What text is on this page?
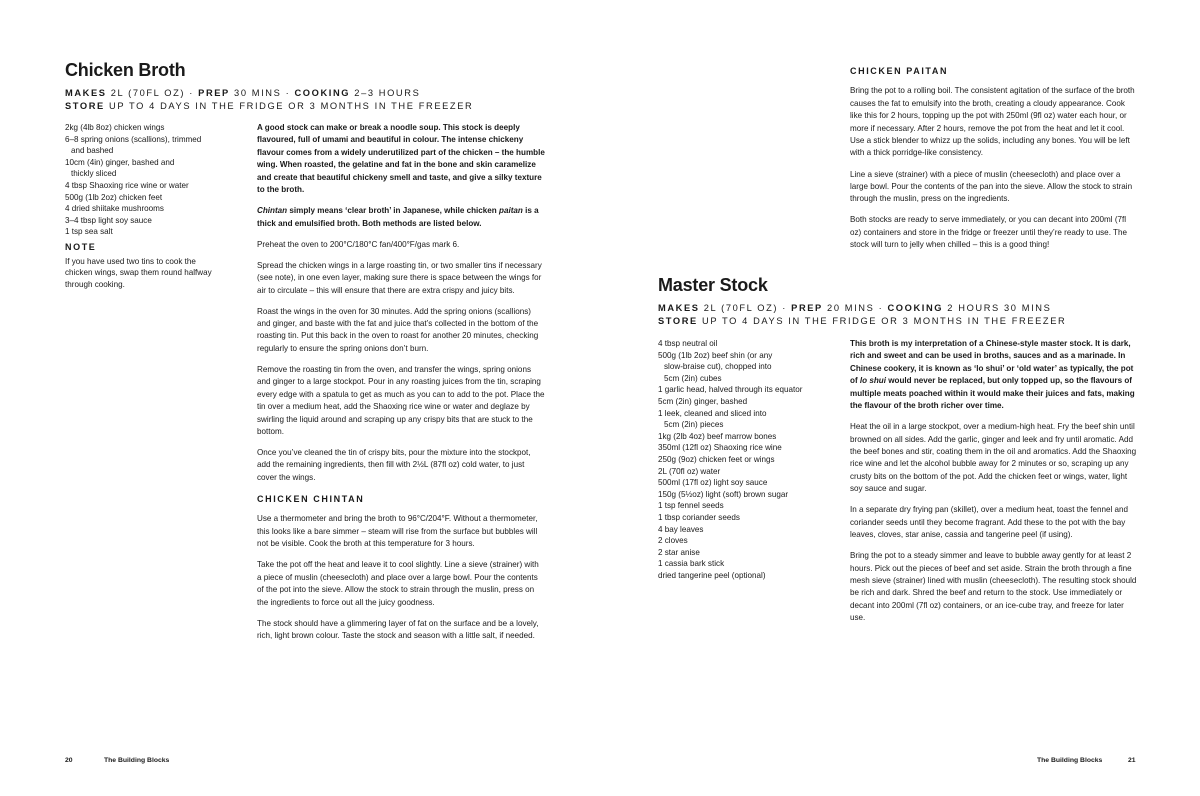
Chicken Broth
MAKES 2L (70FL OZ) · PREP 30 MINS · COOKING 2–3 HOURS
STORE UP TO 4 DAYS IN THE FRIDGE OR 3 MONTHS IN THE FREEZER
2kg (4lb 8oz) chicken wings
6–8 spring onions (scallions), trimmed
and bashed
10cm (4in) ginger, bashed and
thickly sliced
4 tbsp Shaoxing rice wine or water
500g (1lb 2oz) chicken feet
4 dried shiitake mushrooms
3–4 tbsp light soy sauce
1 tsp sea salt
NOTE
If you have used two tins to cook the
chicken wings, swap them round halfway
through cooking.

A good stock can make or break a noodle soup. This stock is deeply flavoured, full of umami and beautiful in colour. The intense chickeny flavour comes from a widely underutilized part of the chicken – the humble wing. When roasted, the gelatine and fat in the bone and skin caramelize and create that beautiful chickeny smell and taste, and give a silky texture to the broth.

Chintan simply means ‘clear broth’ in Japanese, while chicken paitan is a thick and emulsified broth. Both methods are listed below.

Preheat the oven to 200°C/180°C fan/400°F/gas mark 6.

Spread the chicken wings in a large roasting tin, or two smaller tins if necessary (see note), in one even layer, making sure there is space between the wings for air to circulate – this will ensure that there are extra crispy and juicy bits.

Roast the wings in the oven for 30 minutes. Add the spring onions (scallions) and ginger, and baste with the fat and juice that’s collected in the bottom of the roasting tin. Put this back in the oven to roast for another 20 minutes, checking regularly to ensure the spring onions don’t burn.

Remove the roasting tin from the oven, and transfer the wings, spring onions and ginger to a large stockpot. Pour in any roasting juices from the tin, scraping every edge with a spatula to get as much as you can to add to the pot. Place the tin over a medium heat, add the Shaoxing rice wine or water and deglaze by swirling the liquid around and scraping up any crispy bits that are stuck to the bottom.

Once you’ve cleaned the tin of crispy bits, pour the mixture into the stockpot, add the remaining ingredients, then fill with 2½L (87fl oz) cold water, to just cover the wings.

CHICKEN CHINTAN

Use a thermometer and bring the broth to 96°C/204°F. Without a thermometer, this looks like a bare simmer – steam will rise from the surface but bubbles will not be visible. Cook the broth at this temperature for 3 hours.

Take the pot off the heat and leave it to cool slightly. Line a sieve (strainer) with a piece of muslin (cheesecloth) and place over a large bowl. Pour the contents of the pot into the sieve. Allow the stock to strain through the muslin, press on the ingredients to force out all the juicy goodness.

The stock should have a glimmering layer of fat on the surface and be a lovely, rich, light brown colour. Taste the stock and season with a little salt, if needed.

20	The Building Blocks
CHICKEN PAITAN

Bring the pot to a rolling boil. The consistent agitation of the surface of the broth causes the fat to emulsify into the broth, creating a cloudy appearance. Cook like this for 2 hours, topping up the pot with 250ml (9fl oz) water each hour, or more if necessary. After 2 hours, remove the pot from the heat and let it cool. Use a stick blender to whizz up the solids, including any bones. You will be left with a thick porridge-like consistency.

Line a sieve (strainer) with a piece of muslin (cheesecloth) and place over a large bowl. Pour the contents of the pan into the sieve. Allow the stock to strain through the muslin, press on the ingredients.

Both stocks are ready to serve immediately, or you can decant into 200ml (7fl oz) containers and store in the fridge or freezer until they’re ready to use. The stock will turn to jelly when chilled – this is a good thing!

Master Stock
MAKES 2L (70FL OZ) · PREP 20 MINS · COOKING 2 HOURS 30 MINS
STORE UP TO 4 DAYS IN THE FRIDGE OR 3 MONTHS IN THE FREEZER
4 tbsp neutral oil
500g (1lb 2oz) beef shin (or any
slow-braise cut), chopped into
5cm (2in) cubes
1 garlic head, halved through its equator
5cm (2in) ginger, bashed
1 leek, cleaned and sliced into
5cm (2in) pieces
1kg (2lb 4oz) beef marrow bones
350ml (12fl oz) Shaoxing rice wine
250g (9oz) chicken feet or wings
2L (70fl oz) water
500ml (17fl oz) light soy sauce
150g (5½oz) light (soft) brown sugar
1 tsp fennel seeds
1 tbsp coriander seeds
4 bay leaves
2 cloves
2 star anise
1 cassia bark stick
dried tangerine peel (optional)

This broth is my interpretation of a Chinese-style master stock. It is dark, rich and sweet and can be used in broths, sauces and as a marinade. In Chinese cookery, it is known as ‘lo shui’ or ‘old water’ as typically, the pot of lo shui would never be replaced, but only topped up, so the flavours of multiple meats poached within it would make their juices and fats, making the flavour of the broth richer over time.

Heat the oil in a large stockpot, over a medium-high heat. Fry the beef shin until browned on all sides. Add the garlic, ginger and leek and fry until aromatic. Add the beef bones and stir, coating them in the oil and aromatics. Add the Shaoxing rice wine and let the alcohol bubble away for 2 minutes or so, scraping up any crusty bits on the bottom of the pot. Add the chicken feet or wings, water, light soy sauce and sugar.

In a separate dry frying pan (skillet), over a medium heat, toast the fennel and coriander seeds until they become fragrant. Add these to the pot with the bay leaves, cloves, star anise, cassia and tangerine peel (if using).

Bring the pot to a steady simmer and leave to bubble away gently for at least 2 hours. Pick out the pieces of beef and set aside. Strain the broth through a fine mesh sieve (strainer) lined with muslin (cheesecloth). The resulting stock should be rich and dark. Shred the beef and return to the stock. Use immediately or decant into 200ml (7fl oz) containers, or an ice-cube tray, and freeze for later use.

The Building Blocks	21
